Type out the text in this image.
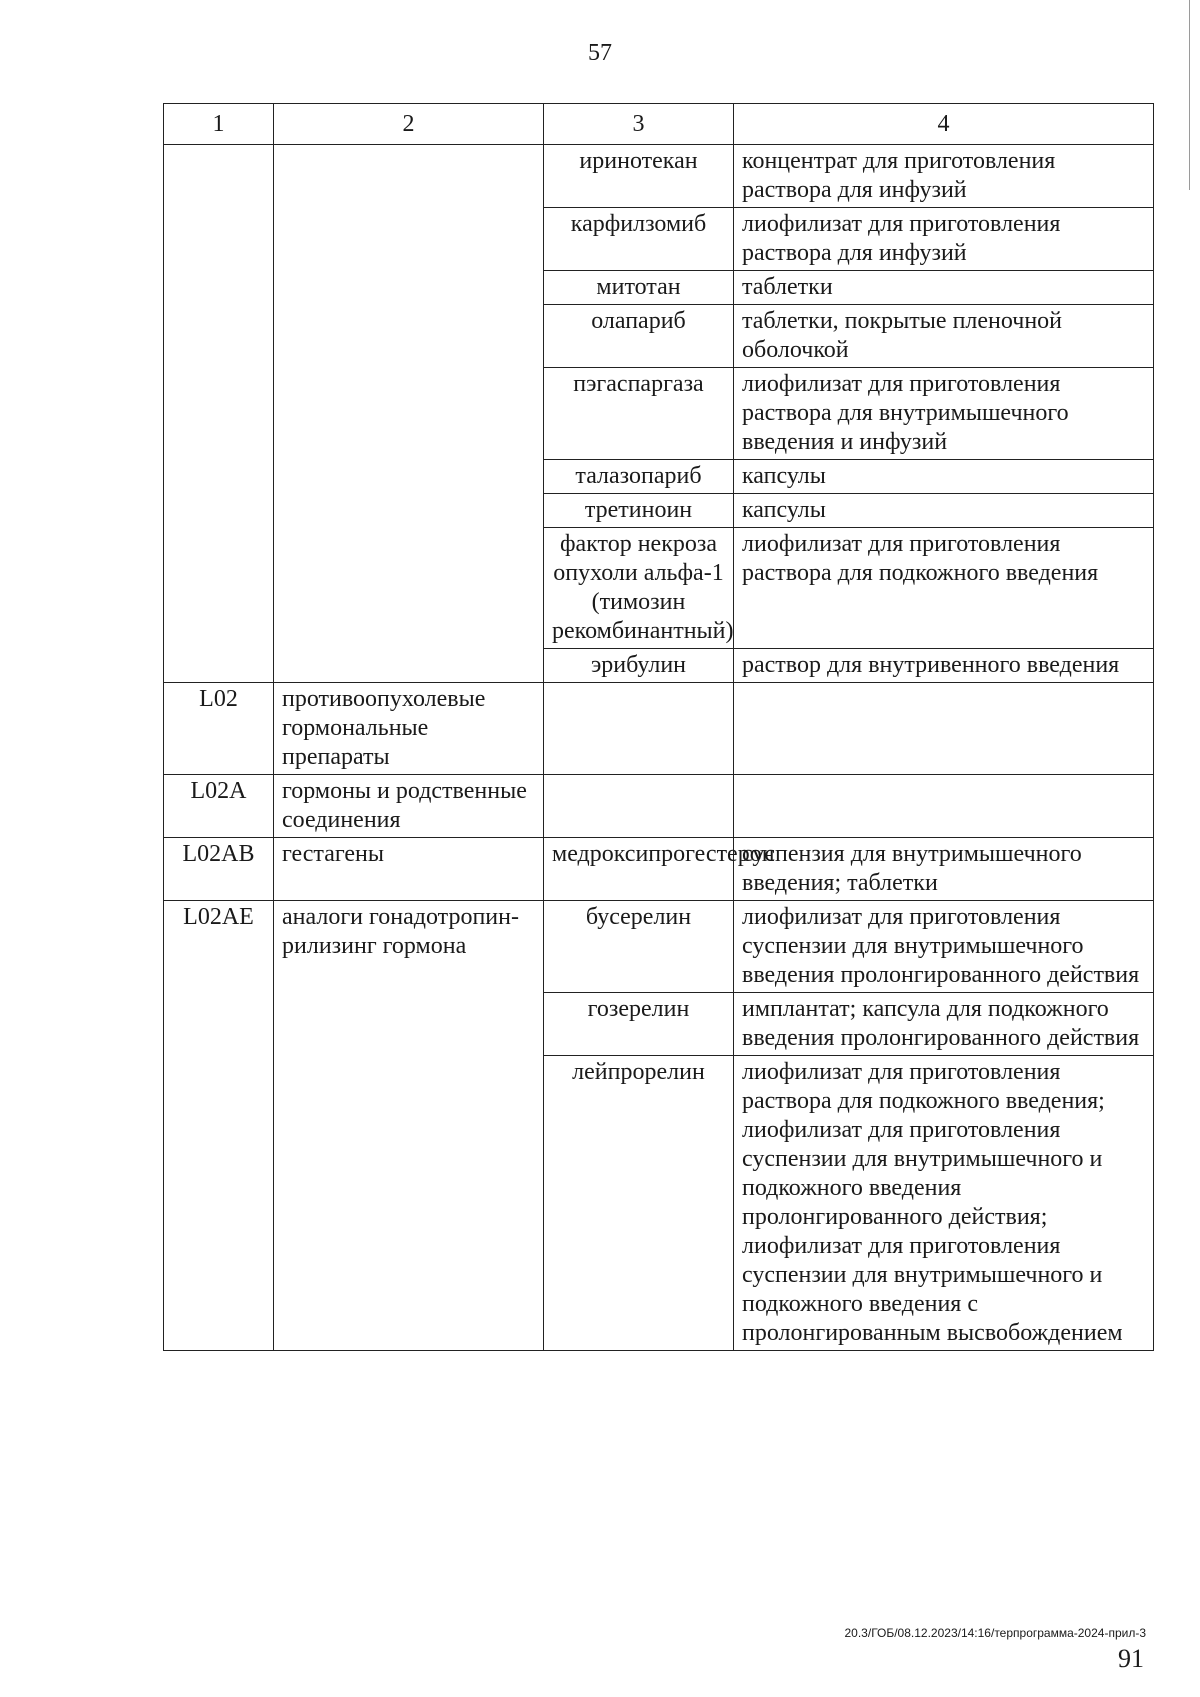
57
1	2	3	4
		иринотекан	концентрат для приготовления раствора для инфузий
		карфилзомиб	лиофилизат для приготовления раствора для инфузий
		митотан	таблетки
		олапариб	таблетки, покрытые пленочной оболочкой
		пэгаспаргаза	лиофилизат для приготовления раствора для внутримышечного введения и инфузий
		талазопариб	капсулы
		третиноин	капсулы
		фактор некроза опухоли альфа-1 (тимозин рекомбинантный)	лиофилизат для приготовления раствора для подкожного введения
		эрибулин	раствор для внутривенного введения
L02	противоопухолевые гормональные препараты		
L02A	гормоны и родственные соединения		
L02AB	гестагены	медроксипрогестерон	суспензия для внутримышечного введения; таблетки
L02AE	аналоги гонадотропин-рилизинг гормона	бусерелин	лиофилизат для приготовления суспензии для внутримышечного введения пролонгированного действия
		гозерелин	имплантат; капсула для подкожного введения пролонгированного действия
		лейпрорелин	лиофилизат для приготовления раствора для подкожного введения; лиофилизат для приготовления суспензии для внутримышечного и подкожного введения пролонгированного действия; лиофилизат для приготовления суспензии для внутримышечного и подкожного введения с пролонгированным высвобождением
20.3/ГОБ/08.12.2023/14:16/терпрограмма-2024-прил-3
91
